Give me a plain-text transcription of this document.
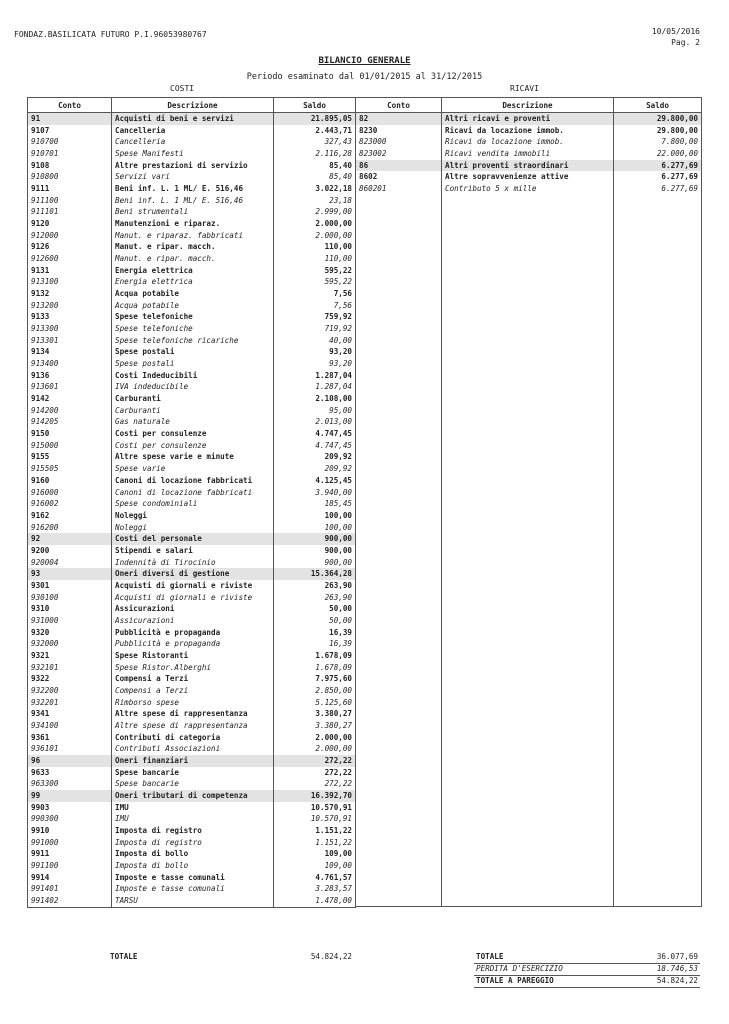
FONDAZ.BASILICATA FUTURO P.I.96053980767	10/05/2016
Pag. 2
BILANCIO GENERALE
Periodo esaminato dal 01/01/2015 al 31/12/2015
COSTI	RICAVI
Conto	Descrizione	Saldo
91	Acquisti di beni e servizi	21.895,05
9107	Cancelleria	2.443,71
910700	Cancelleria	327,43
910701	Spese Manifesti	2.116,28
9108	Altre prestazioni di servizio	85,40
910800	Servizi vari	85,40
9111	Beni inf. L. 1 ML/ E. 516,46	3.022,18
911100	Beni inf. L. 1 ML/ E. 516,46	23,18
911101	Beni strumentali	2.999,00
9120	Manutenzioni e riparaz.	2.000,00
912000	Manut. e riparaz. fabbricati	2.000,00
9126	Manut. e ripar. macch.	110,00
912600	Manut. e ripar. macch.	110,00
9131	Energia elettrica	595,22
913100	Energia elettrica	595,22
9132	Acqua potabile	7,56
913200	Acqua potabile	7,56
9133	Spese telefoniche	759,92
913300	Spese telefoniche	719,92
913301	Spese telefoniche ricariche	40,00
9134	Spese postali	93,20
913400	Spese postali	93,20
9136	Costi Indeducibili	1.287,04
913601	IVA indeducibile	1.287,04
9142	Carburanti	2.108,00
914200	Carburanti	95,00
914205	Gas naturale	2.013,00
9150	Costi per consulenze	4.747,45
915000	Costi per consulenze	4.747,45
9155	Altre spese varie e minute	209,92
915505	Spese varie	209,92
9160	Canoni di locazione fabbricati	4.125,45
916000	Canoni di locazione fabbricati	3.940,00
916002	Spese condominiali	185,45
9162	Noleggi	100,00
916200	Noleggi	100,00
92	Costi del personale	900,00
9200	Stipendi e salari	900,00
920004	Indennità di Tirocinio	900,00
93	Oneri diversi di gestione	15.364,28
9301	Acquisti di giornali e riviste	263,90
930100	Acquisti di giornali e riviste	263,90
9310	Assicurazioni	50,00
931000	Assicurazioni	50,00
9320	Pubblicità e propaganda	16,39
932000	Pubblicità e propaganda	16,39
9321	Spese Ristoranti	1.678,09
932101	Spese Ristor.Alberghi	1.678,09
9322	Compensi a Terzi	7.975,60
932200	Compensi a Terzi	2.850,00
932201	Rimborso spese	5.125,60
9341	Altre spese di rappresentanza	3.380,27
934100	Altre spese di rappresentanza	3.380,27
9361	Contributi di categoria	2.000,00
936101	Contributi Associazioni	2.000,00
96	Oneri finanziari	272,22
9633	Spese bancarie	272,22
963300	Spese bancarie	272,22
99	Oneri tributari di competenza	16.392,70
9903	IMU	10.570,91
990300	IMU	10.570,91
9910	Imposta di registro	1.151,22
991000	Imposta di registro	1.151,22
9911	Imposta di bollo	109,00
991100	Imposta di bollo	109,00
9914	Imposte e tasse comunali	4.761,57
991401	Imposte e tasse comunali	3.283,57
991402	TARSU	1.478,00
Conto	Descrizione	Saldo
82	Altri ricavi e proventi	29.800,00
8230	Ricavi da locazione immob.	29.800,00
823000	Ricavi da locazione immob.	7.800,00
823002	Ricavi vendita immobili	22.000,00
86	Altri proventi straordinari	6.277,69
8602	Altre sopravvenienze attive	6.277,69
860201	Contributo 5 x mille	6.277,69

TOTALE	54.824,22	TOTALE	36.077,69
PERDITA D'ESERCIZIO	18.746,53
TOTALE A PAREGGIO	54.824,22
